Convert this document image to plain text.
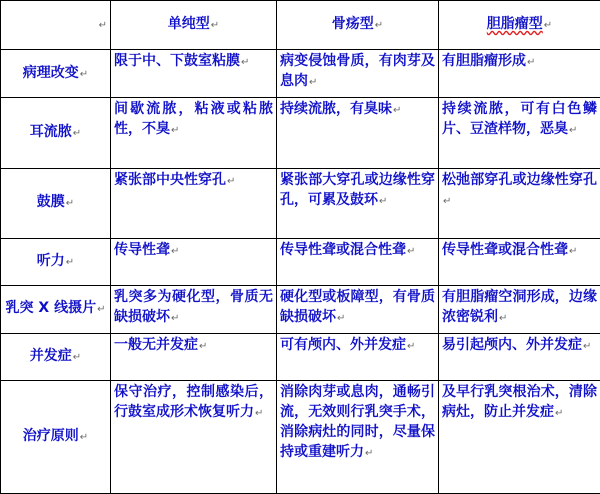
↵	单纯型↵	骨疡型↵	胆脂瘤型↵
病理改变↵	限于中、下鼓室粘膜↵	病变侵蚀骨质，有肉芽及息肉↵	有胆脂瘤形成↵
耳流脓↵	间歇流脓，粘液或粘脓性，不臭↵	持续流脓，有臭味↵	持续流脓，可有白色鳞片、豆渣样物，恶臭↵
鼓膜↵	紧张部中央性穿孔↵	紧张部大穿孔或边缘性穿孔，可累及鼓环↵	松弛部穿孔或边缘性穿孔↵
听力↵	传导性聋↵	传导性聋或混合性聋↵	传导性聋或混合性聋↵
乳突 X 线摄片↵	乳突多为硬化型，骨质无缺损破坏↵	硬化型或板障型，有骨质缺损破坏↵	有胆脂瘤空洞形成，边缘浓密锐利↵
并发症↵	一般无并发症↵	可有颅内、外并发症↵	易引起颅内、外并发症↵
治疗原则↵	保守治疗，控制感染后，行鼓室成形术恢复听力↵	消除肉芽或息肉，通畅引流，无效则行乳突手术，消除病灶的同时，尽量保持或重建听力↵	及早行乳突根治术，清除病灶，防止并发症↵
